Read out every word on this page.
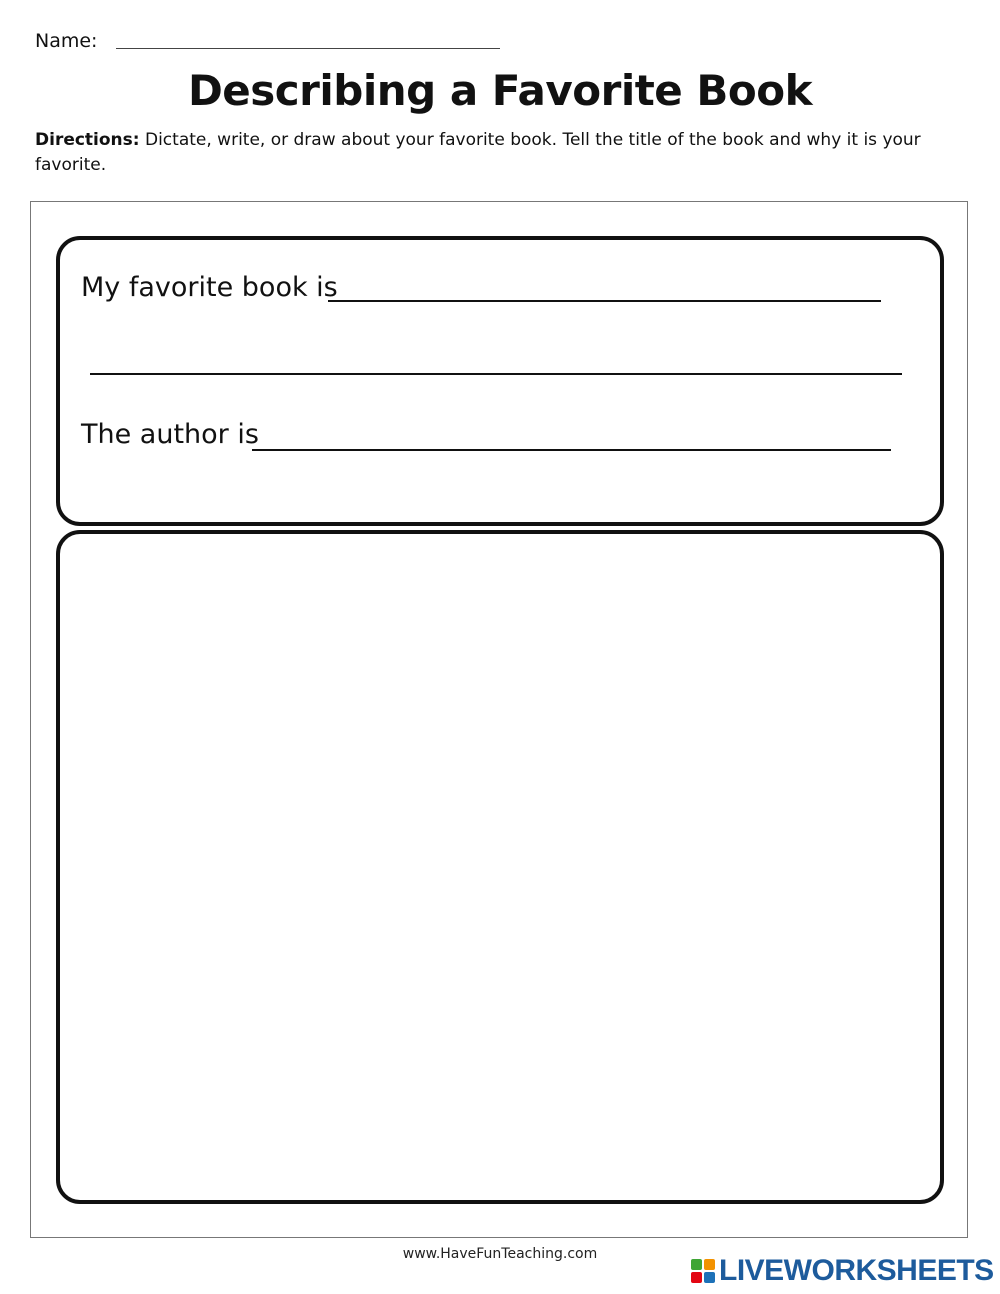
Name:
Describing a Favorite Book
Directions: Dictate, write, or draw about your favorite book. Tell the title of the book and why it is your favorite.
My favorite book is
The author is
www.HaveFunTeaching.com	LIVEWORKSHEETS
